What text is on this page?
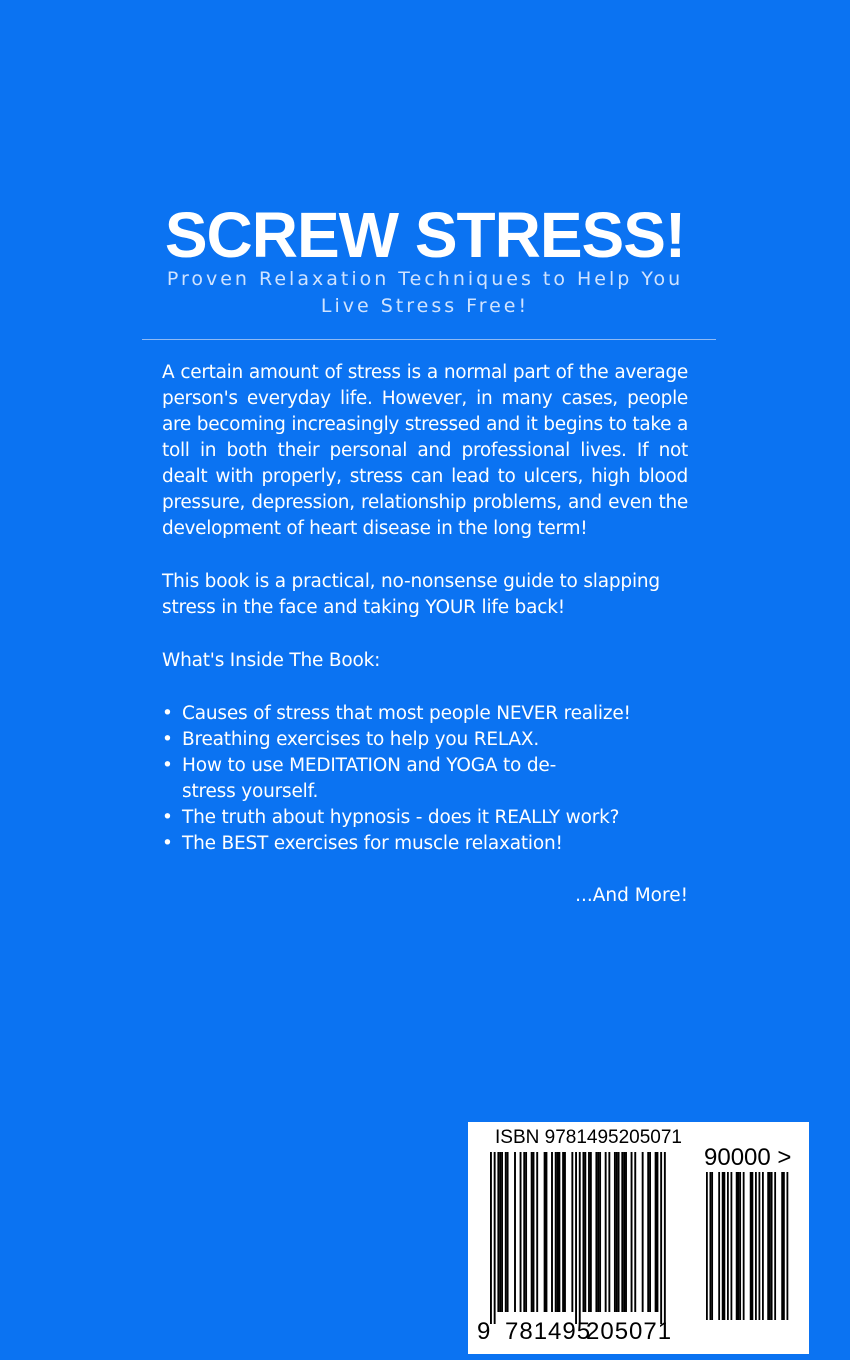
SCREW STRESS!
Proven Relaxation Techniques to Help You Live Stress Free!

A certain amount of stress is a normal part of the average person's everyday life. However, in many cases, people are becoming increasingly stressed and it begins to take a toll in both their personal and professional lives. If not dealt with properly, stress can lead to ulcers, high blood pressure, depression, relationship problems, and even the development of heart disease in the long term!

This book is a practical, no-nonsense guide to slapping stress in the face and taking YOUR life back!

What's Inside The Book:

• Causes of stress that most people NEVER realize!
• Breathing exercises to help you RELAX.
• How to use MEDITATION and YOGA to de-stress yourself.
• The truth about hypnosis - does it REALLY work?
• The BEST exercises for muscle relaxation!

...And More!

ISBN 9781495205071
90000 >
9 781495
205071
